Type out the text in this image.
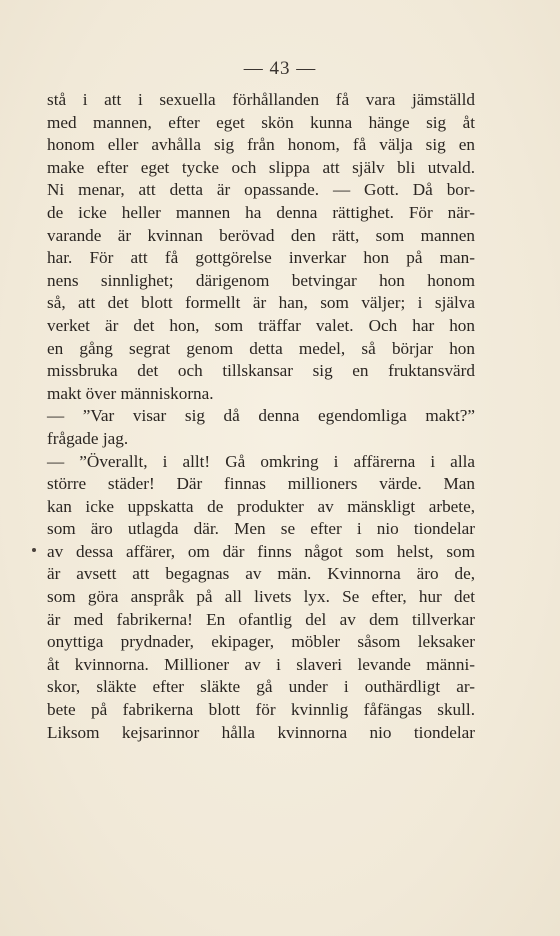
— 43 —
stå i att i sexuella förhållanden få vara jämställd
med mannen, efter eget skön kunna hänge sig åt
honom eller avhålla sig från honom, få välja sig en
make efter eget tycke och slippa att själv bli utvald.
Ni menar, att detta är opassande. — Gott. Då bor-
de icke heller mannen ha denna rättighet. För när-
varande är kvinnan berövad den rätt, som mannen
har. För att få gottgörelse inverkar hon på man-
nens sinnlighet; därigenom betvingar hon honom
så, att det blott formellt är han, som väljer; i själva
verket är det hon, som träffar valet. Och har hon
en gång segrat genom detta medel, så börjar hon
missbruka det och tillskansar sig en fruktansvärd
makt över människorna.
— ”Var visar sig då denna egendomliga makt?”
frågade jag.
— ”Överallt, i allt! Gå omkring i affärerna i alla
större städer! Där finnas millioners värde. Man
kan icke uppskatta de produkter av mänskligt arbete,
som äro utlagda där. Men se efter i nio tiondelar
av dessa affärer, om där finns något som helst, som
är avsett att begagnas av män. Kvinnorna äro de,
som göra anspråk på all livets lyx. Se efter, hur det
är med fabrikerna! En ofantlig del av dem tillverkar
onyttiga prydnader, ekipager, möbler såsom leksaker
åt kvinnorna. Millioner av i slaveri levande männi-
skor, släkte efter släkte gå under i outhärdligt ar-
bete på fabrikerna blott för kvinnlig fåfängas skull.
Liksom kejsarinnor hålla kvinnorna nio tiondelar
